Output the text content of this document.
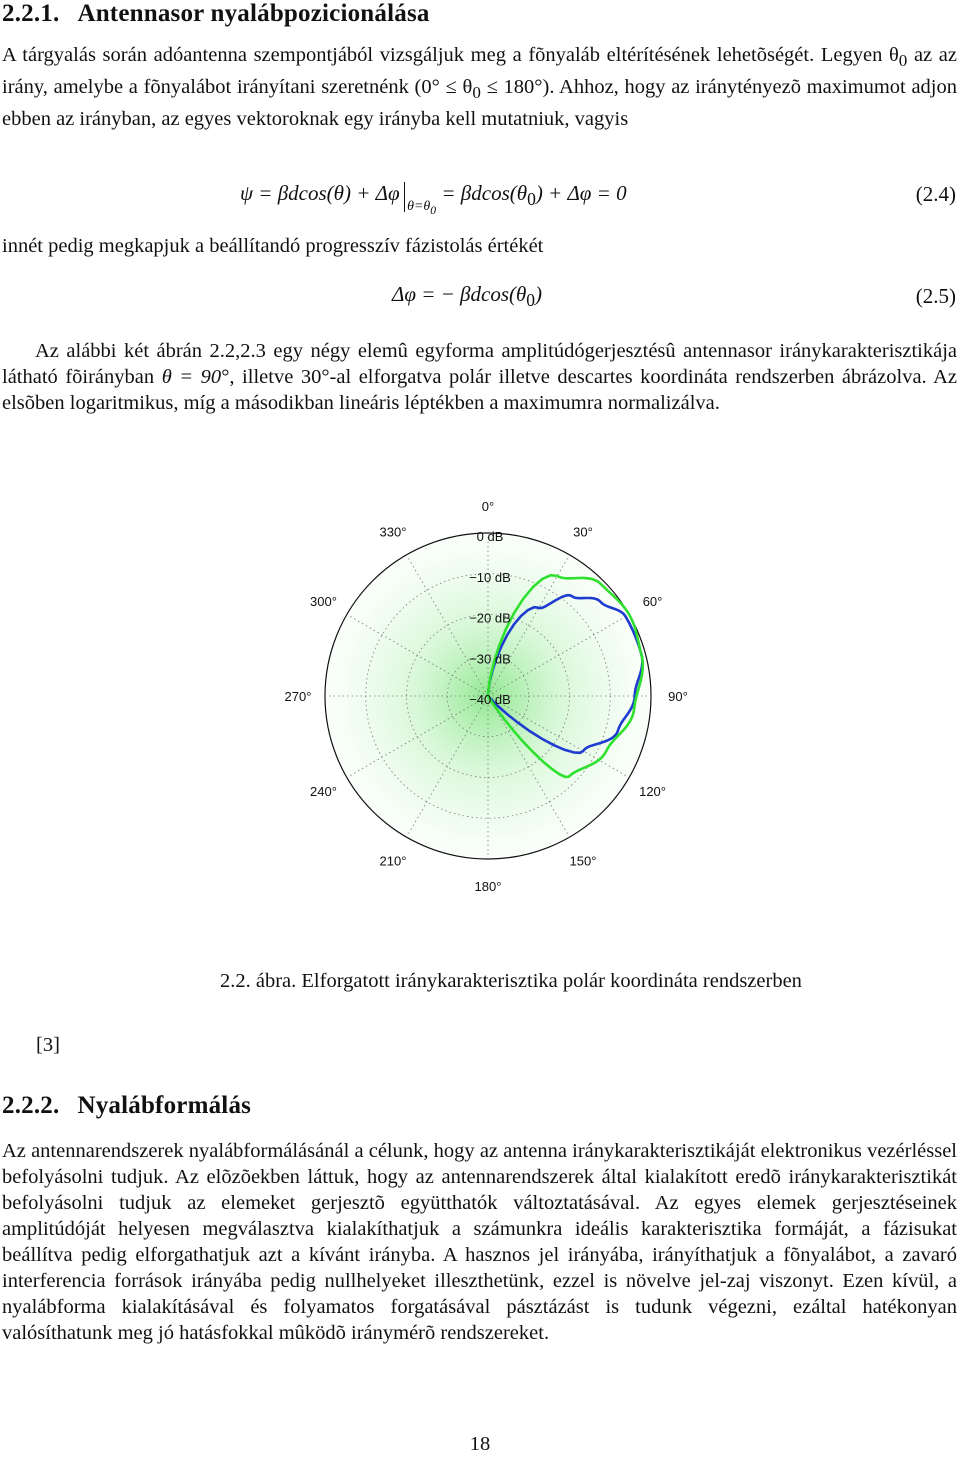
2.2.1. Antennasor nyalábpozicionálása

A tárgyalás során adóantenna szempontjából vizsgáljuk meg a fõnyaláb eltérítésének lehetõségét. Legyen $\theta_0$ az az irány, amelybe a fõnyalábot irányítani szeretnénk $(0^\circ \le \theta_0 \le 180^\circ)$. Ahhoz, hogy az iránytényezõ maximumot adjon ebben az irányban, az egyes vektoroknak egy irányba kell mutatniuk, vagyis

$\psi = \beta dcos(\theta) + \Delta\varphi_{\theta=\theta_0} = \beta dcos(\theta_0) + \Delta\varphi = 0$	(2.4)

innét pedig megkapjuk a beállítandó progresszív fázistolás értékét

Δφ = − $\beta dcos(\theta_0)$	(2.5)

Az alábbi két ábrán 2.2,2.3 egy négy elemû egyforma amplitúdógerjesztésû antennasor iránykarakterisztikája látható fõirányban θ = 90°, illetve 30°-al elforgatva polár illetve descartes koordináta rendszerben ábrázolva. Az elsõben logaritmikus, míg a másodikban lineáris léptékben a maximumra normalizálva.

0°
30°
60°
90°
120°
150°
180°
210°
240°
270°
300°
330°	0 dB
−10 dB
−20 dB
−30 dB
−40 dB

2.2. ábra. Elforgatott iránykarakterisztika polár koordináta rendszerben

[3]
2.2.2. Nyalábformálás

Az antennarendszerek nyalábformálásánál a célunk, hogy az antenna iránykarakterisztikáját elektronikus vezérléssel befolyásolni tudjuk. Az elõzõekben láttuk, hogy az antennarendszerek által kialakított eredõ iránykarakterisztikát befolyásolni tudjuk az elemeket gerjesztõ együtthatók változtatásával. Az egyes elemek gerjesztéseinek amplitúdóját helyesen megválasztva kialakíthatjuk a számunkra ideális karakterisztika formáját, a fázisukat beállítva pedig elforgathatjuk azt a kívánt irányba. A hasznos jel irányába, irányíthatjuk a fõnyalábot, a zavaró interferencia források irányába pedig nullhelyeket illeszthetünk, ezzel is növelve jel-zaj viszonyt. Ezen kívül, a nyalábforma kialakításával és folyamatos forgatásával pásztázást is tudunk végezni, ezáltal hatékonyan valósíthatunk meg jó hatásfokkal mûködõ iránymérõ rendszereket.

18
